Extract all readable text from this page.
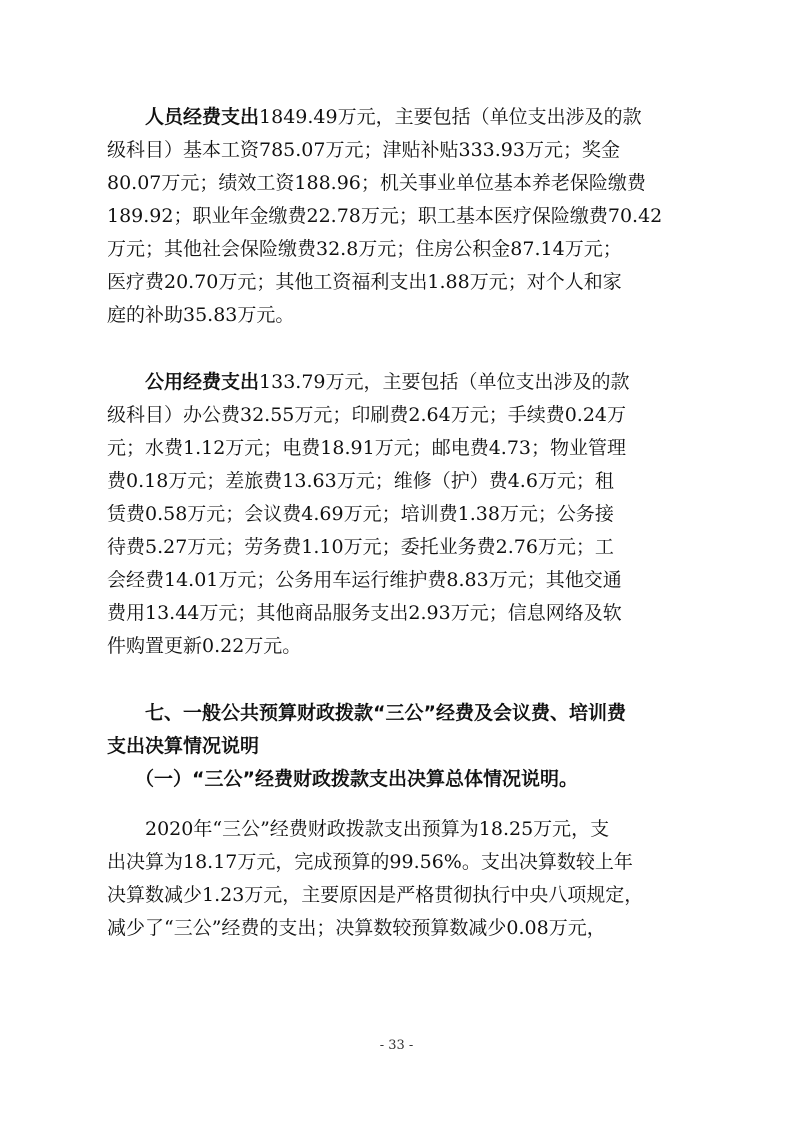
人员经费支出1849.49万元，主要包括（单位支出涉及的款
级科目）基本工资785.07万元；津贴补贴333.93万元；奖金
80.07万元；绩效工资188.96；机关事业单位基本养老保险缴费
189.92；职业年金缴费22.78万元；职工基本医疗保险缴费70.42
万元；其他社会保险缴费32.8万元；住房公积金87.14万元；
医疗费20.70万元；其他工资福利支出1.88万元；对个人和家
庭的补助35.83万元。
公用经费支出133.79万元，主要包括（单位支出涉及的款
级科目）办公费32.55万元；印刷费2.64万元；手续费0.24万
元；水费1.12万元；电费18.91万元；邮电费4.73；物业管理
费0.18万元；差旅费13.63万元；维修（护）费4.6万元；租
赁费0.58万元；会议费4.69万元；培训费1.38万元；公务接
待费5.27万元；劳务费1.10万元；委托业务费2.76万元；工
会经费14.01万元；公务用车运行维护费8.83万元；其他交通
费用13.44万元；其他商品服务支出2.93万元；信息网络及软
件购置更新0.22万元。
七、一般公共预算财政拨款“三公”经费及会议费、培训费
支出决算情况说明
（一）“三公”经费财政拨款支出决算总体情况说明。
2020年“三公”经费财政拨款支出预算为18.25万元，支
出决算为18.17万元，完成预算的99.56%。支出决算数较上年
决算数减少1.23万元，主要原因是严格贯彻执行中央八项规定，
减少了“三公”经费的支出；决算数较预算数减少0.08万元，
- 33 -
